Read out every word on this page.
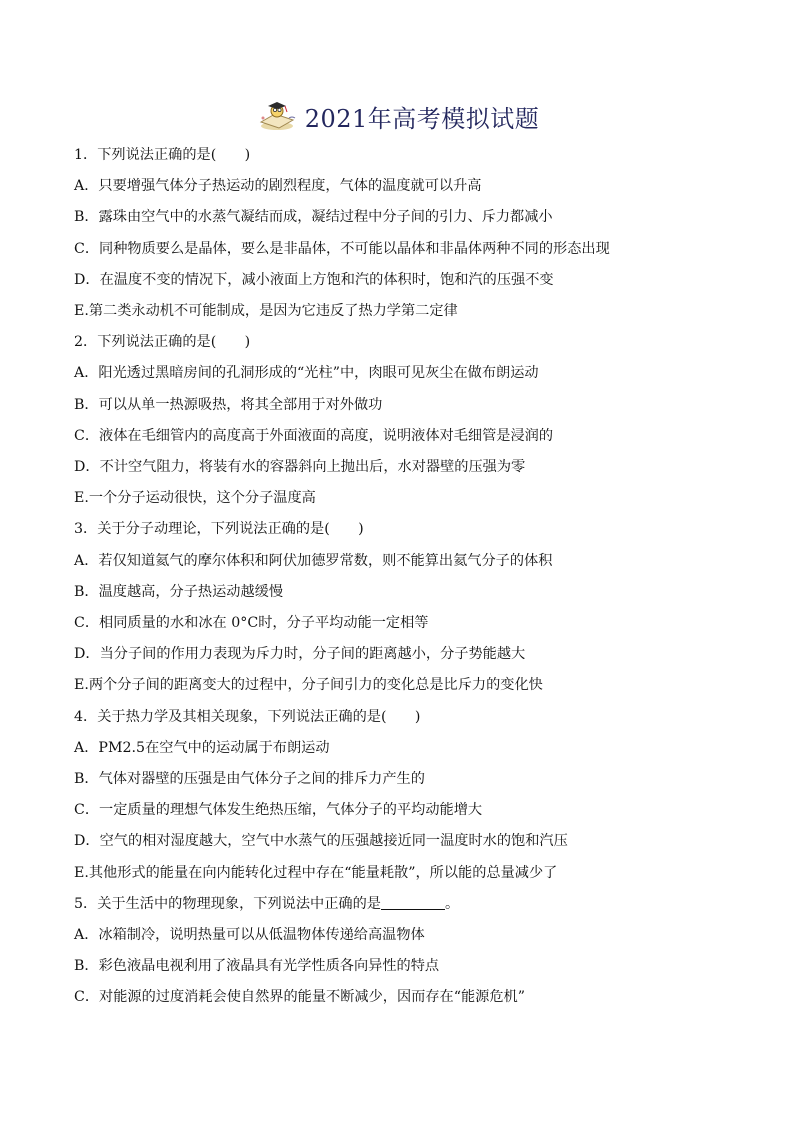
2021年高考模拟试题
1．下列说法正确的是(　　)
A．只要增强气体分子热运动的剧烈程度，气体的温度就可以升高
B．露珠由空气中的水蒸气凝结而成，凝结过程中分子间的引力、斥力都减小
C．同种物质要么是晶体，要么是非晶体，不可能以晶体和非晶体两种不同的形态出现
D．在温度不变的情况下，减小液面上方饱和汽的体积时，饱和汽的压强不变
E.第二类永动机不可能制成，是因为它违反了热力学第二定律
2．下列说法正确的是(　　)
A．阳光透过黑暗房间的孔洞形成的“光柱”中，肉眼可见灰尘在做布朗运动
B．可以从单一热源吸热，将其全部用于对外做功
C．液体在毛细管内的高度高于外面液面的高度，说明液体对毛细管是浸润的
D．不计空气阻力，将装有水的容器斜向上抛出后，水对器壁的压强为零
E.一个分子运动很快，这个分子温度高
3．关于分子动理论，下列说法正确的是(　　)
A．若仅知道氦气的摩尔体积和阿伏加德罗常数，则不能算出氦气分子的体积
B．温度越高，分子热运动越缓慢
C．相同质量的水和冰在 0°C时，分子平均动能一定相等
D．当分子间的作用力表现为斥力时，分子间的距离越小，分子势能越大
E.两个分子间的距离变大的过程中，分子间引力的变化总是比斥力的变化快
4．关于热力学及其相关现象，下列说法正确的是(　　)
A．PM2.5在空气中的运动属于布朗运动
B．气体对器壁的压强是由气体分子之间的排斥力产生的
C．一定质量的理想气体发生绝热压缩，气体分子的平均动能增大
D．空气的相对湿度越大，空气中水蒸气的压强越接近同一温度时水的饱和汽压
E.其他形式的能量在向内能转化过程中存在“能量耗散”，所以能的总量减少了
5．关于生活中的物理现象，下列说法中正确的是	。
A．冰箱制冷，说明热量可以从低温物体传递给高温物体
B．彩色液晶电视利用了液晶具有光学性质各向异性的特点
C．对能源的过度消耗会使自然界的能量不断减少，因而存在“能源危机”
